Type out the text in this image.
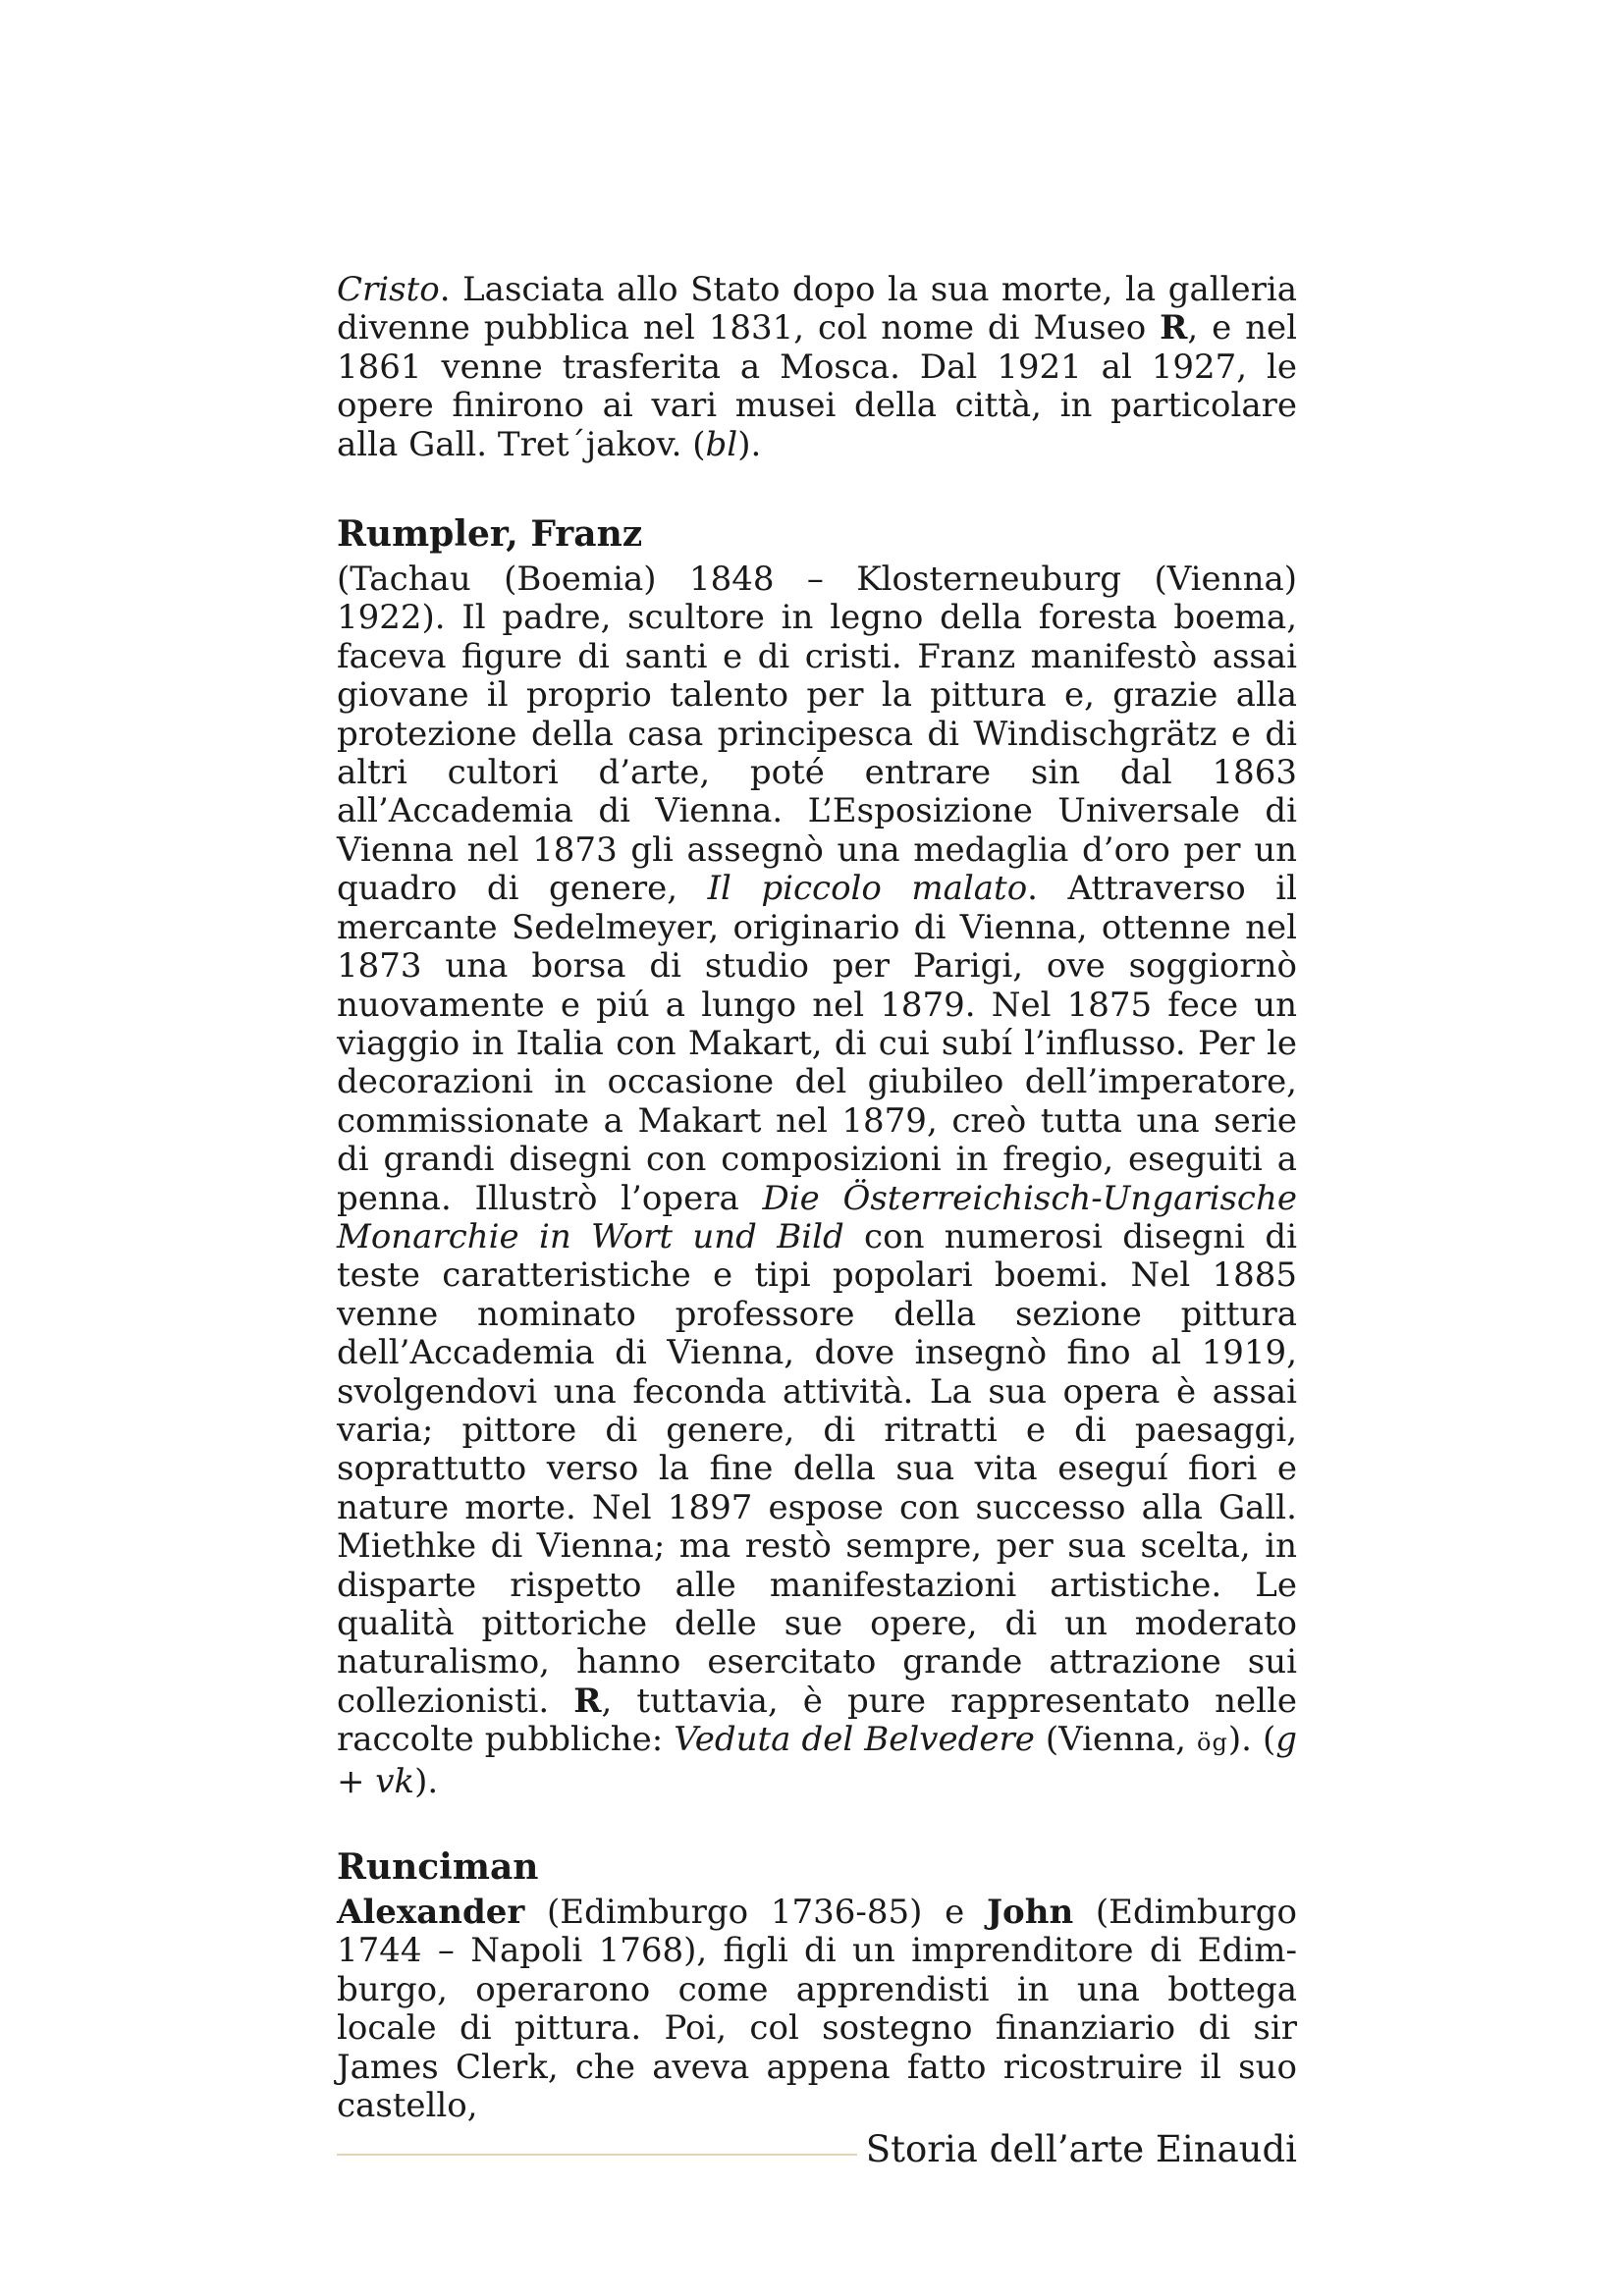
Cristo. Lasciata allo Stato dopo la sua morte, la galleria divenne pubblica nel 1831, col nome di Museo R, e nel 1861 venne trasferita a Mosca. Dal 1921 al 1927, le opere finirono ai vari musei della città, in particolare alla Gall. Tret´jakov. (bl).

Rumpler, Franz

(Tachau (Boemia) 1848 – Klosterneuburg (Vienna) 1922). Il padre, scultore in legno della foresta boema, faceva figure di santi e di cristi. Franz manifestò assai giovane il proprio talento per la pittura e, grazie alla protezione della casa principesca di Windischgrätz e di altri cultori d’arte, poté entrare sin dal 1863 all’Accademia di Vienna. L’Esposizione Universale di Vienna nel 1873 gli assegnò una medaglia d’oro per un quadro di genere, Il piccolo malato. Attraverso il mercante Sedelmeyer, originario di Vienna, ottenne nel 1873 una borsa di studio per Parigi, ove soggiornò nuovamente e piú a lungo nel 1879. Nel 1875 fece un viaggio in Italia con Makart, di cui subí l’influsso. Per le decorazioni in occasione del giubileo dell’imperatore, commissionate a Makart nel 1879, creò tutta una serie di grandi disegni con composizioni in fregio, eseguiti a penna. Illustrò l’opera Die Österreichisch-Ungarische Monarchie in Wort und Bild con numerosi disegni di teste caratteristiche e tipi popolari boemi. Nel 1885 venne nominato professore della sezione pittura dell’Accademia di Vienna, dove insegnò fino al 1919, svolgendovi una feconda attività. La sua opera è assai varia; pittore di genere, di ritratti e di paesaggi, soprattutto verso la fine della sua vita eseguí fiori e nature morte. Nel 1897 espose con successo alla Gall. Miethke di Vienna; ma restò sempre, per sua scelta, in disparte rispetto alle manifestazioni artistiche. Le qualità pittoriche delle sue opere, di un moderato naturalismo, hanno esercitato grande attrazione sui collezionisti. R, tuttavia, è pure rappresentato nelle raccolte pubbliche: Veduta del Belvedere (Vienna, ög). (g + vk).

Runciman

Alexander (Edimburgo 1736-85) e John (Edimburgo 1744 – Napoli 1768), figli di un imprenditore di Edimburgo, operarono come apprendisti in una bottega locale di pittura. Poi, col sostegno finanziario di sir James Clerk, che aveva appena fatto ricostruire il suo castello,

Storia dell’arte Einaudi
